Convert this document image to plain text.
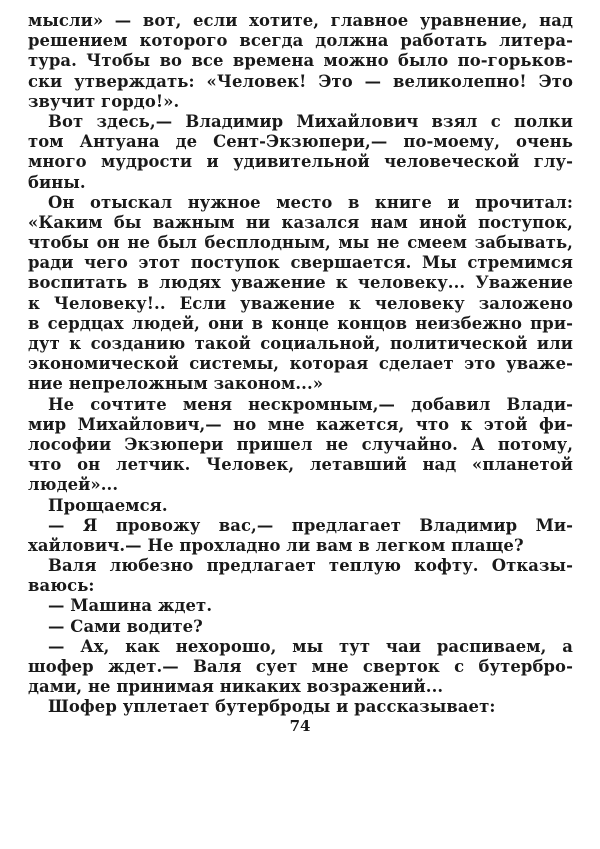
мысли» — вот, если хотите, главное уравнение, над
решением которого всегда должна работать литера-
тура. Чтобы во все времена можно было по-горьков-
ски утверждать: «Человек! Это — великолепно! Это
звучит гордо!».
Вот здесь,— Владимир Михайлович взял с полки
том Антуана де Сент-Экзюпери,— по-моему, очень
много мудрости и удивительной человеческой глу-
бины.
Он отыскал нужное место в книге и прочитал:
«Каким бы важным ни казался нам иной поступок,
чтобы он не был бесплодным, мы не смеем забывать,
ради чего этот поступок свершается. Мы стремимся
воспитать в людях уважение к человеку... Уважение
к Человеку!.. Если уважение к человеку заложено
в сердцах людей, они в конце концов неизбежно при-
дут к созданию такой социальной, политической или
экономической системы, которая сделает это уваже-
ние непреложным законом...»
Не сочтите меня нескромным,— добавил Влади-
мир Михайлович,— но мне кажется, что к этой фи-
лософии Экзюпери пришел не случайно. А потому,
что он летчик. Человек, летавший над «планетой
людей»...
Прощаемся.
— Я провожу вас,— предлагает Владимир Ми-
хайлович.— Не прохладно ли вам в легком плаще?
Валя любезно предлагает теплую кофту. Отказы-
ваюсь:
— Машина ждет.
— Сами водите?
— Ах, как нехорошо, мы тут чаи распиваем, а
шофер ждет.— Валя сует мне сверток с бутербро-
дами, не принимая никаких возражений...
Шофер уплетает бутерброды и рассказывает:
74
